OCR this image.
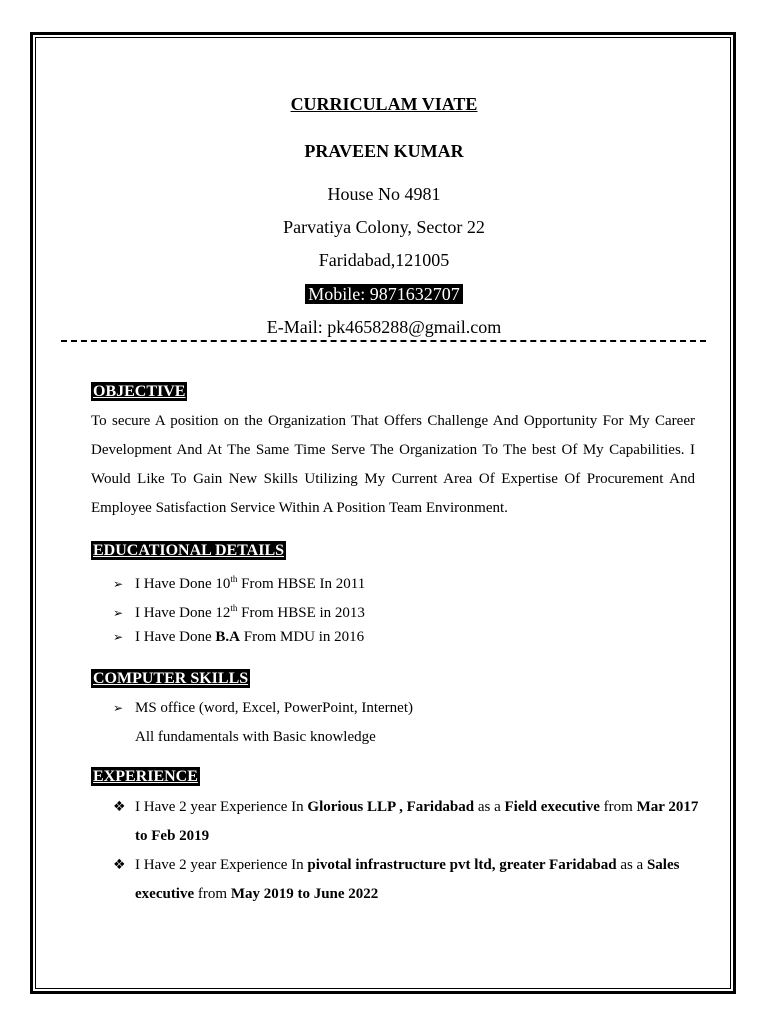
CURRICULAM VIATE
PRAVEEN KUMAR
House No 4981
Parvatiya Colony, Sector 22
Faridabad,121005
Mobile: 9871632707
E-Mail: pk4658288@gmail.com
OBJECTIVE

To secure A position on the Organization That Offers Challenge And Opportunity For My Career Development And At The Same Time Serve The Organization To The best Of My Capabilities. I Would Like To Gain New Skills Utilizing My Current Area Of Expertise Of Procurement And Employee Satisfaction Service Within A Position Team Environment.

EDUCATIONAL DETAILS
➢ I Have Done 10th From HBSE In 2011
➢ I Have Done 12th From HBSE in 2013
➢ I Have Done B.A From MDU in 2016
COMPUTER SKILLS
➢ MS office (word, Excel, PowerPoint, Internet)
All fundamentals with Basic knowledge
EXPERIENCE
❖ I Have 2 year Experience In Glorious LLP , Faridabad as a Field executive from Mar 2017 to Feb 2019
❖ I Have 2 year Experience In pivotal infrastructure pvt ltd, greater Faridabad as a Sales executive from May 2019 to June 2022
